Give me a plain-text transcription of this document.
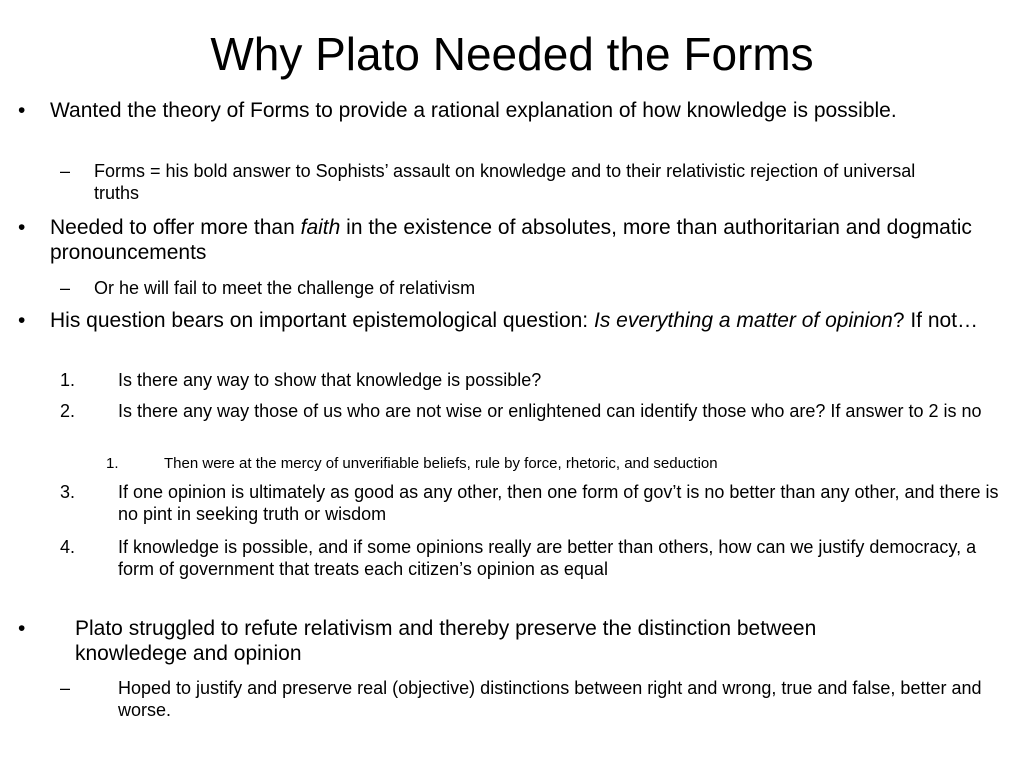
Why Plato Needed the Forms
• Wanted the theory of Forms to provide a rational explanation of how knowledge is possible.
– Forms = his bold answer to Sophists’ assault on knowledge and to their relativistic rejection of universal truths
• Needed to offer more than faith in the existence of absolutes, more than authoritarian and dogmatic pronouncements
– Or he will fail to meet the challenge of relativism
• His question bears on important epistemological question: Is everything a matter of opinion? If not…
1. Is there any way to show that knowledge is possible?
2. Is there any way those of us who are not wise or enlightened can identify those who are? If answer to 2 is no
1.	Then were at the mercy of unverifiable beliefs, rule by force, rhetoric, and seduction
3. If one opinion is ultimately as good as any other, then one form of gov’t is no better than any other, and there is no pint in seeking truth or wisdom
4. If knowledge is possible, and if some opinions really are better than others, how can we justify democracy, a form of government that treats each citizen’s opinion as equal
• Plato struggled to refute relativism and thereby preserve the distinction between knowledege and opinion
–	Hoped to justify and preserve real (objective) distinctions between right and wrong, true and false, better and worse.
